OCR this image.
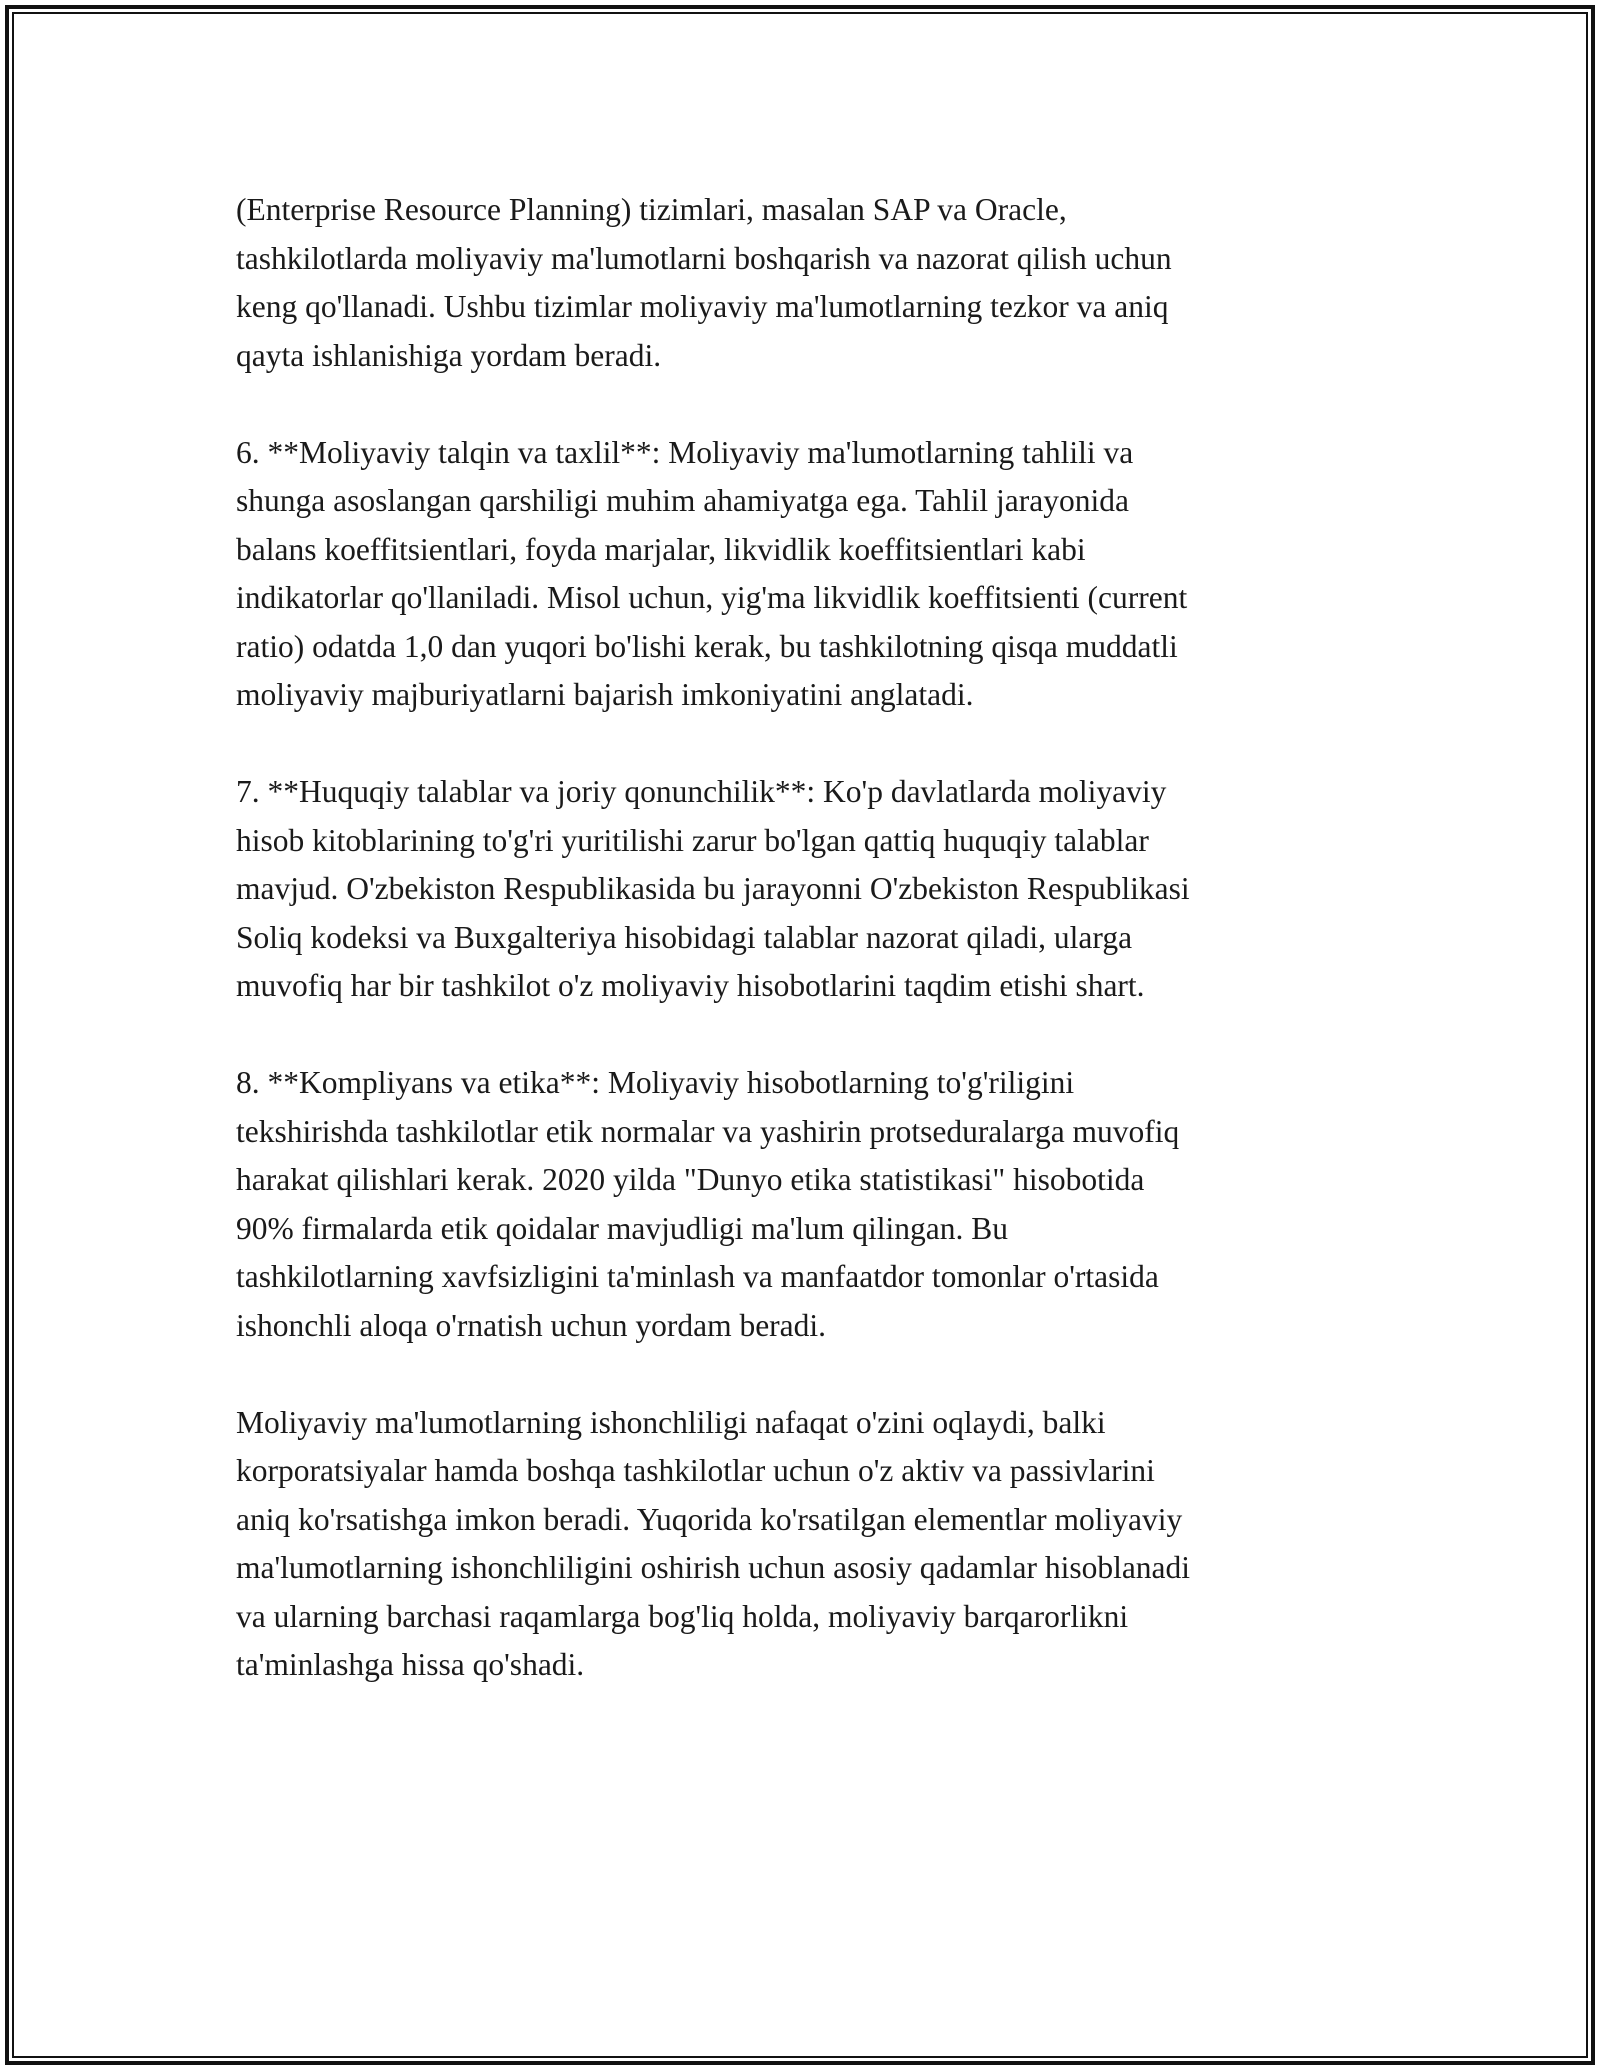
(Enterprise Resource Planning) tizimlari, masalan SAP va Oracle,
tashkilotlarda moliyaviy ma'lumotlarni boshqarish va nazorat qilish uchun
keng qo'llanadi. Ushbu tizimlar moliyaviy ma'lumotlarning tezkor va aniq
qayta ishlanishiga yordam beradi.

6. **Moliyaviy talqin va taxlil**: Moliyaviy ma'lumotlarning tahlili va
shunga asoslangan qarshiligi muhim ahamiyatga ega. Tahlil jarayonida
balans koeffitsientlari, foyda marjalar, likvidlik koeffitsientlari kabi
indikatorlar qo'llaniladi. Misol uchun, yig'ma likvidlik koeffitsienti (current
ratio) odatda 1,0 dan yuqori bo'lishi kerak, bu tashkilotning qisqa muddatli
moliyaviy majburiyatlarni bajarish imkoniyatini anglatadi.

7. **Huquqiy talablar va joriy qonunchilik**: Ko'p davlatlarda moliyaviy
hisob kitoblarining to'g'ri yuritilishi zarur bo'lgan qattiq huquqiy talablar
mavjud. O'zbekiston Respublikasida bu jarayonni O'zbekiston Respublikasi
Soliq kodeksi va Buxgalteriya hisobidagi talablar nazorat qiladi, ularga
muvofiq har bir tashkilot o'z moliyaviy hisobotlarini taqdim etishi shart.

8. **Kompliyans va etika**: Moliyaviy hisobotlarning to'g'riligini
tekshirishda tashkilotlar etik normalar va yashirin protseduralarga muvofiq
harakat qilishlari kerak. 2020 yilda "Dunyo etika statistikasi" hisobotida
90% firmalarda etik qoidalar mavjudligi ma'lum qilingan. Bu
tashkilotlarning xavfsizligini ta'minlash va manfaatdor tomonlar o'rtasida
ishonchli aloqa o'rnatish uchun yordam beradi.

Moliyaviy ma'lumotlarning ishonchliligi nafaqat o'zini oqlaydi, balki
korporatsiyalar hamda boshqa tashkilotlar uchun o'z aktiv va passivlarini
aniq ko'rsatishga imkon beradi. Yuqorida ko'rsatilgan elementlar moliyaviy
ma'lumotlarning ishonchliligini oshirish uchun asosiy qadamlar hisoblanadi
va ularning barchasi raqamlarga bog'liq holda, moliyaviy barqarorlikni
ta'minlashga hissa qo'shadi.
